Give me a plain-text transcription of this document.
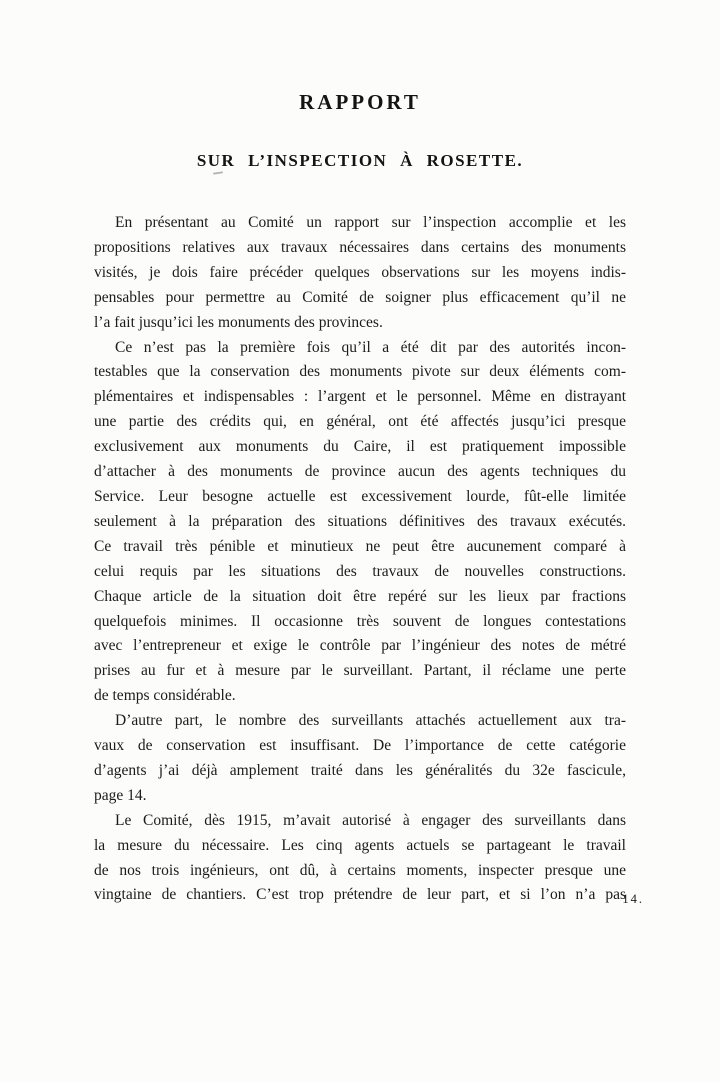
RAPPORT
SUR L’INSPECTION À ROSETTE.
En présentant au Comité un rapport sur l’inspection accomplie et les
propositions relatives aux travaux nécessaires dans certains des monuments
visités, je dois faire précéder quelques observations sur les moyens indis-
pensables pour permettre au Comité de soigner plus efficacement qu’il ne
l’a fait jusqu’ici les monuments des provinces.
Ce n’est pas la première fois qu’il a été dit par des autorités incon-
testables que la conservation des monuments pivote sur deux éléments com-
plémentaires et indispensables : l’argent et le personnel. Même en distrayant
une partie des crédits qui, en général, ont été affectés jusqu’ici presque
exclusivement aux monuments du Caire, il est pratiquement impossible
d’attacher à des monuments de province aucun des agents techniques du
Service. Leur besogne actuelle est excessivement lourde, fût-elle limitée
seulement à la préparation des situations définitives des travaux exécutés.
Ce travail très pénible et minutieux ne peut être aucunement comparé à
celui requis par les situations des travaux de nouvelles constructions.
Chaque article de la situation doit être repéré sur les lieux par fractions
quelquefois minimes. Il occasionne très souvent de longues contestations
avec l’entrepreneur et exige le contrôle par l’ingénieur des notes de métré
prises au fur et à mesure par le surveillant. Partant, il réclame une perte
de temps considérable.
D’autre part, le nombre des surveillants attachés actuellement aux tra-
vaux de conservation est insuffisant. De l’importance de cette catégorie
d’agents j’ai déjà amplement traité dans les généralités du 32e fascicule,
page 14.
Le Comité, dès 1915, m’avait autorisé à engager des surveillants dans
la mesure du nécessaire. Les cinq agents actuels se partageant le travail
de nos trois ingénieurs, ont dû, à certains moments, inspecter presque une
vingtaine de chantiers. C’est trop prétendre de leur part, et si l’on n’a pas
14.
